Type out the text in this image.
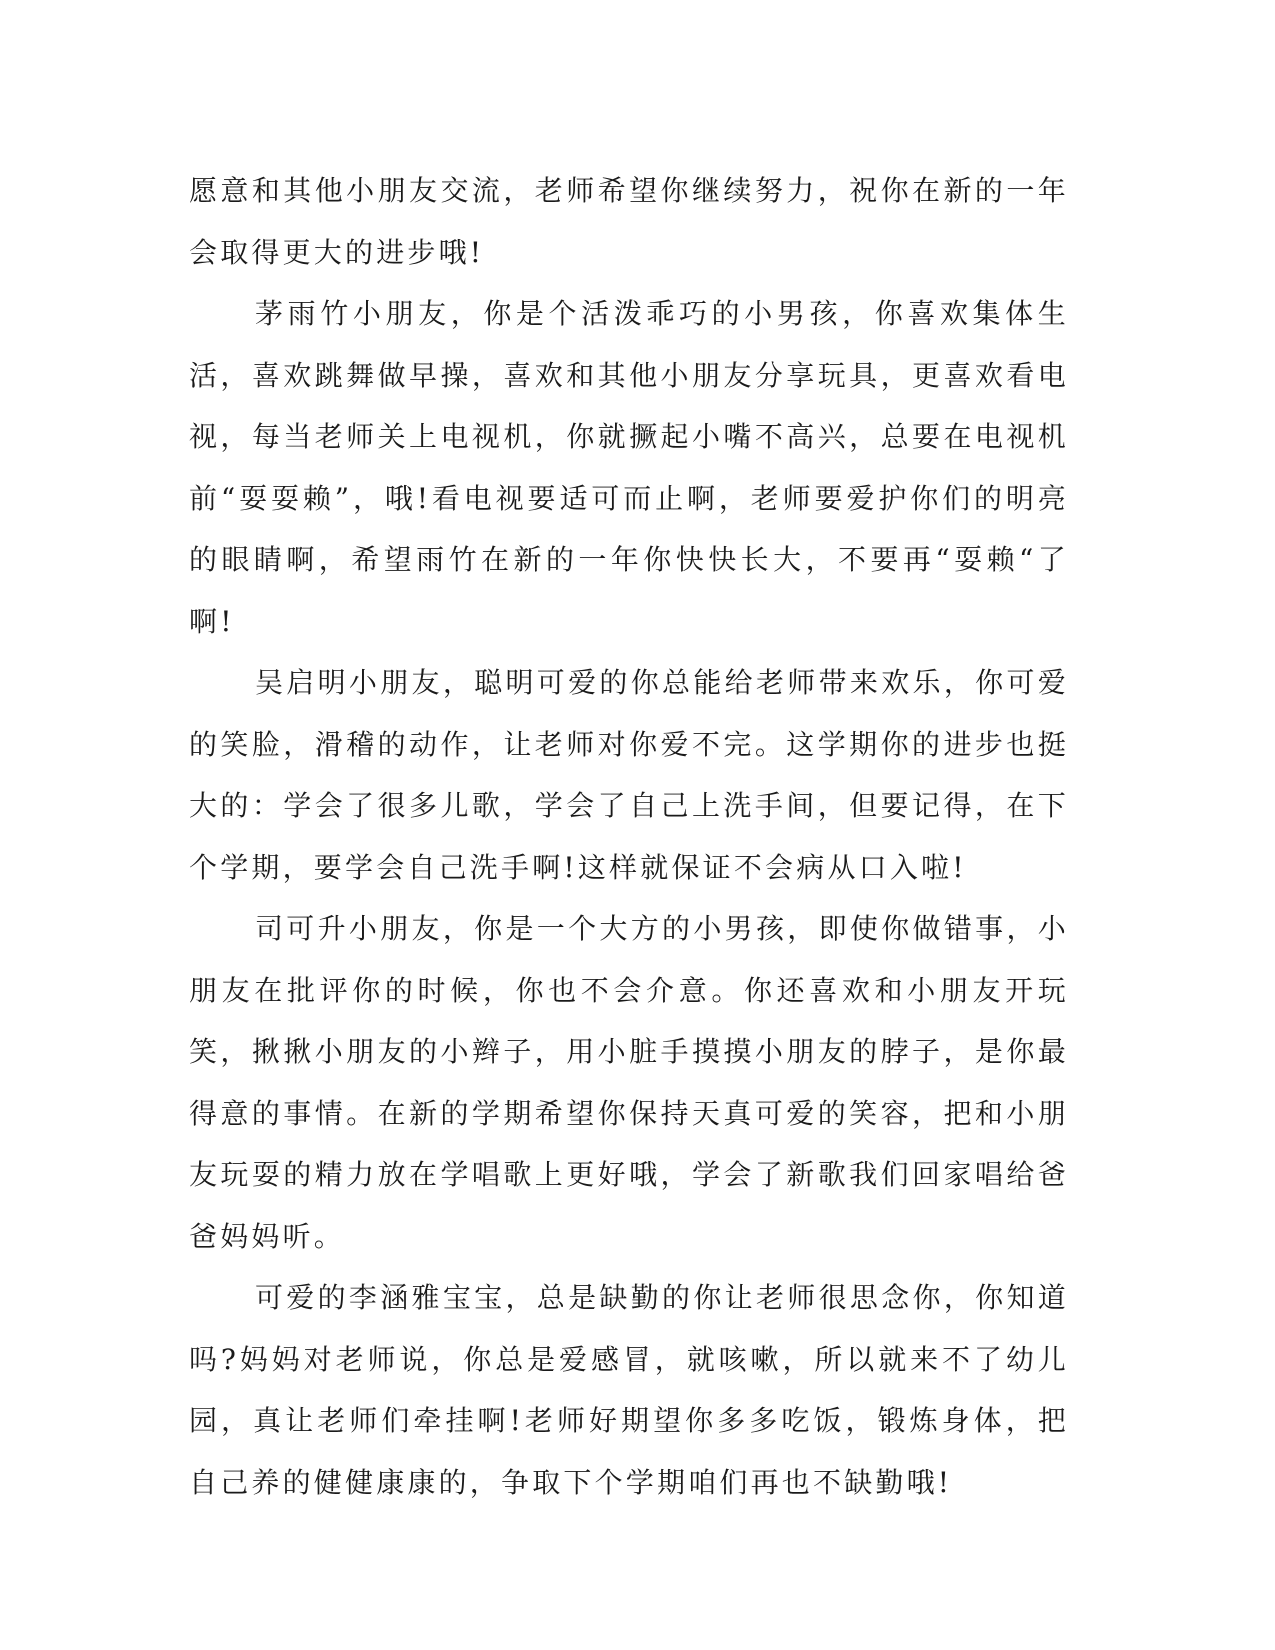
愿意和其他小朋友交流，老师希望你继续努力，祝你在新的一年会取得更大的进步哦!

茅雨竹小朋友，你是个活泼乖巧的小男孩，你喜欢集体生活，喜欢跳舞做早操，喜欢和其他小朋友分享玩具，更喜欢看电视，每当老师关上电视机，你就撅起小嘴不高兴，总要在电视机前“耍耍赖”，哦!看电视要适可而止啊，老师要爱护你们的明亮的眼睛啊，希望雨竹在新的一年你快快长大，不要再“耍赖“了啊!

吴启明小朋友，聪明可爱的你总能给老师带来欢乐，你可爱的笑脸，滑稽的动作，让老师对你爱不完。这学期你的进步也挺大的：学会了很多儿歌，学会了自己上洗手间，但要记得，在下个学期，要学会自己洗手啊!这样就保证不会病从口入啦!

司可升小朋友，你是一个大方的小男孩，即使你做错事，小朋友在批评你的时候，你也不会介意。你还喜欢和小朋友开玩笑，揪揪小朋友的小辫子，用小脏手摸摸小朋友的脖子，是你最得意的事情。在新的学期希望你保持天真可爱的笑容，把和小朋友玩耍的精力放在学唱歌上更好哦，学会了新歌我们回家唱给爸爸妈妈听。

可爱的李涵雅宝宝，总是缺勤的你让老师很思念你，你知道吗?妈妈对老师说，你总是爱感冒，就咳嗽，所以就来不了幼儿园，真让老师们牵挂啊!老师好期望你多多吃饭，锻炼身体，把自己养的健健康康的，争取下个学期咱们再也不缺勤哦!
